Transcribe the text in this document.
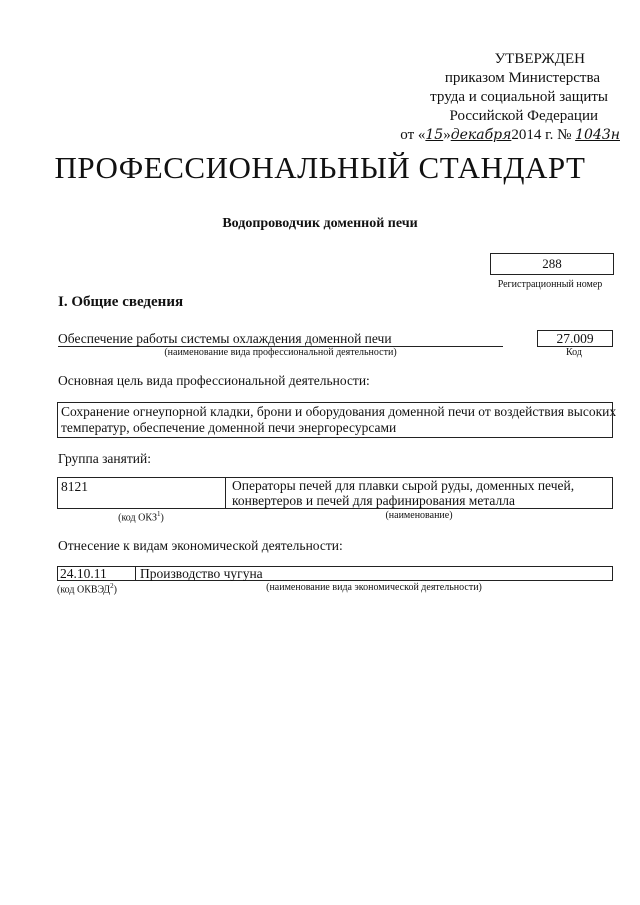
УТВЕРЖДЕН
приказом Министерства
труда и социальной защиты
Российской Федерации
от «15»декабря2014 г. № 1043н
ПРОФЕССИОНАЛЬНЫЙ СТАНДАРТ
Водопроводчик доменной печи
288
Регистрационный номер
I. Общие сведения
Обеспечение работы системы охлаждения доменной печи	27.009
(наименование вида профессиональной деятельности)	Код
Основная цель вида профессиональной деятельности:
Сохранение огнеупорной кладки, брони и оборудования доменной печи от воздействия высоких
температур, обеспечение доменной печи энергоресурсами
Группа занятий:
8121	Операторы печей для плавки сырой руды, доменных печей,
конвертеров и печей для рафинирования металла
(код ОКЗ$^1$)	(наименование)
Отнесение к видам экономической деятельности:
24.10.11	Производство чугуна
(код ОКВЭД$^2$)	(наименование вида экономической деятельности)
